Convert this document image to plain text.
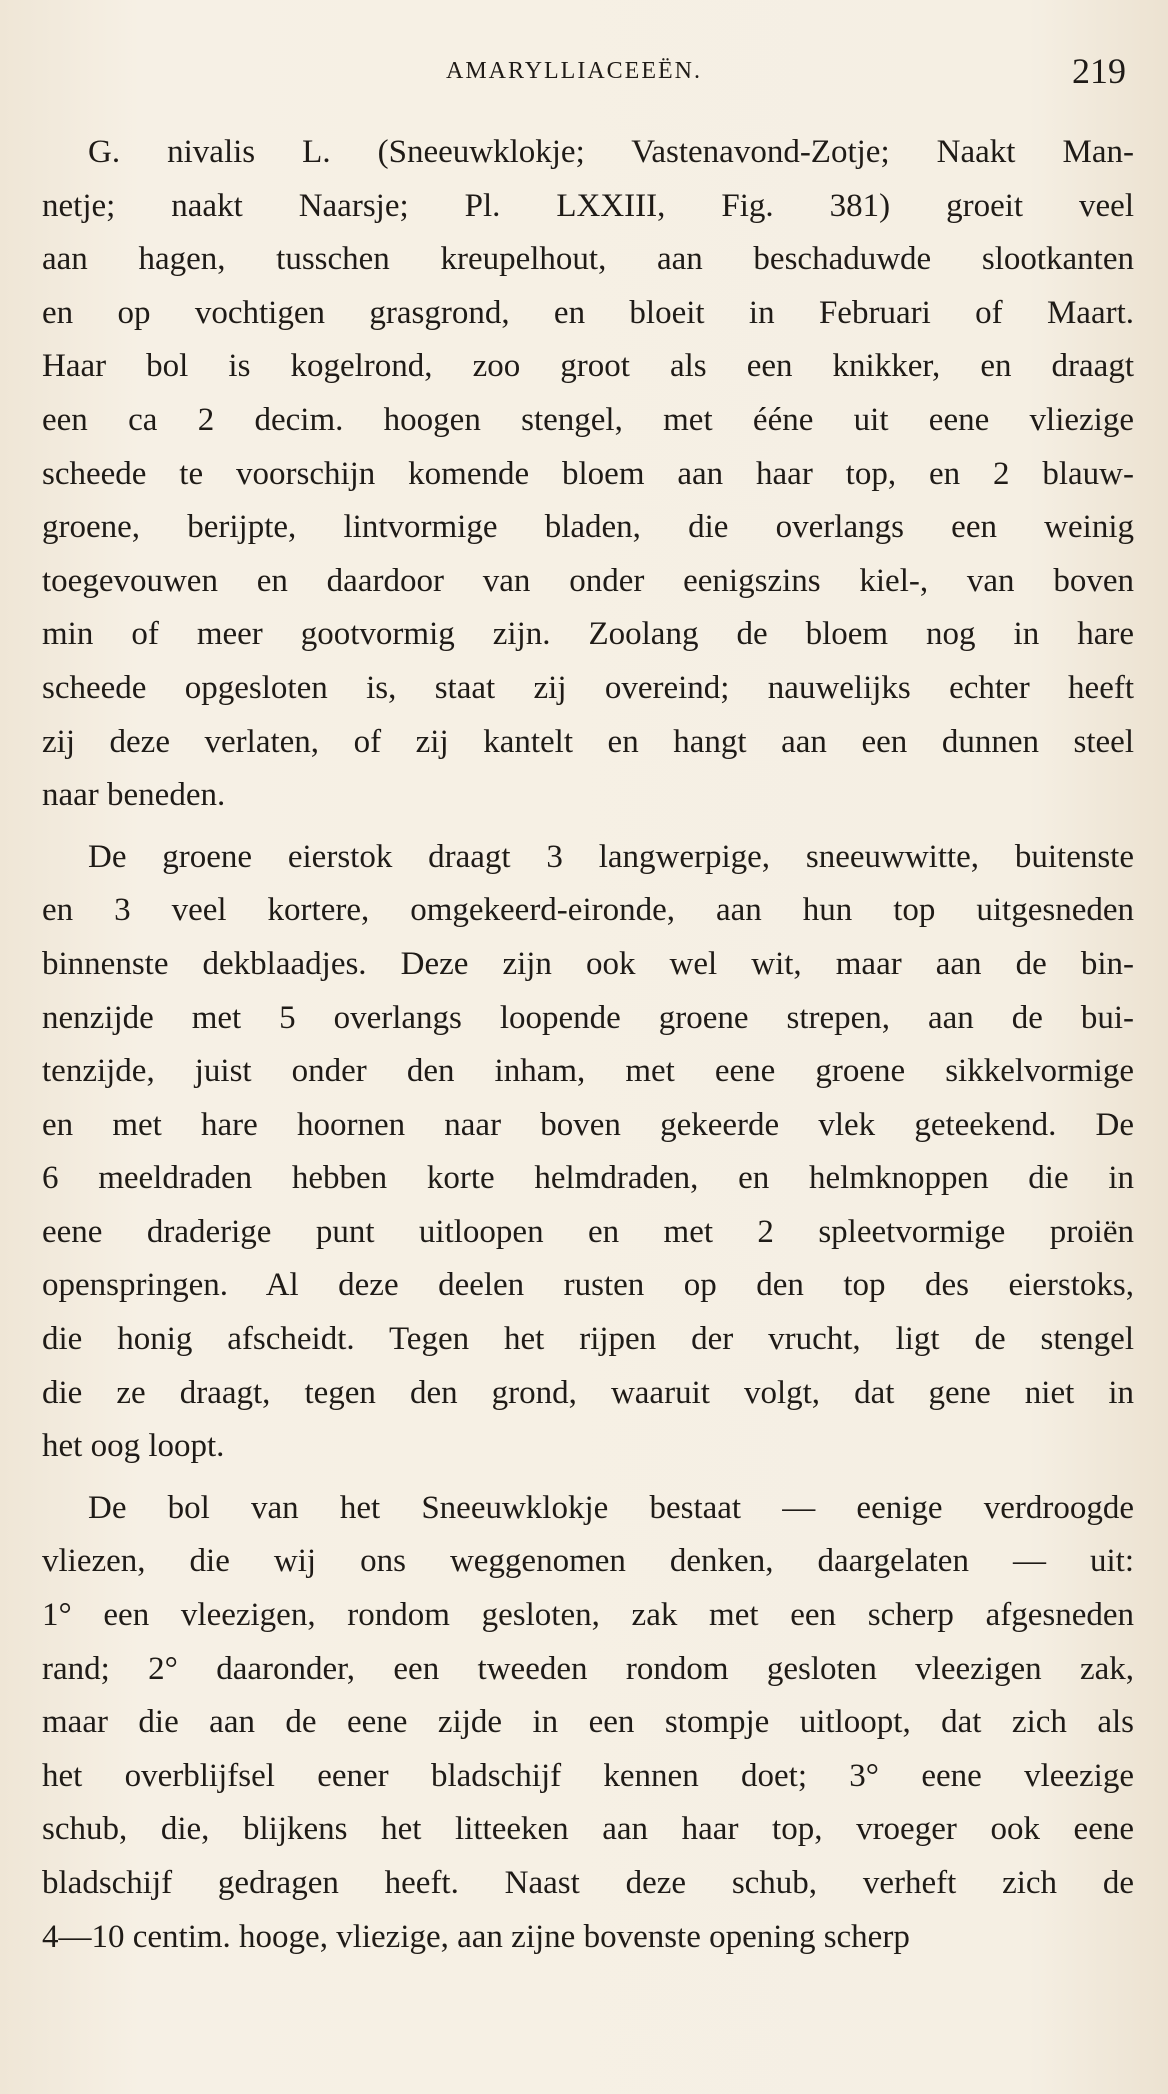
AMARYLLIACEEËN.	219
G. nivalis L. (Sneeuwklokje; Vastenavond-Zotje; Naakt Man-
netje; naakt Naarsje; Pl. LXXIII, Fig. 381) groeit veel
aan hagen, tusschen kreupelhout, aan beschaduwde slootkanten
en op vochtigen grasgrond, en bloeit in Februari of Maart.
Haar bol is kogelrond, zoo groot als een knikker, en draagt
een ca 2 decim. hoogen stengel, met ééne uit eene vliezige
scheede te voorschijn komende bloem aan haar top, en 2 blauw-
groene, berijpte, lintvormige bladen, die overlangs een weinig
toegevouwen en daardoor van onder eenigszins kiel-, van boven
min of meer gootvormig zijn. Zoolang de bloem nog in hare
scheede opgesloten is, staat zij overeind; nauwelijks echter heeft
zij deze verlaten, of zij kantelt en hangt aan een dunnen steel
naar beneden.
De groene eierstok draagt 3 langwerpige, sneeuwwitte, buitenste
en 3 veel kortere, omgekeerd-eironde, aan hun top uitgesneden
binnenste dekblaadjes. Deze zijn ook wel wit, maar aan de bin-
nenzijde met 5 overlangs loopende groene strepen, aan de bui-
tenzijde, juist onder den inham, met eene groene sikkelvormige
en met hare hoornen naar boven gekeerde vlek geteekend. De
6 meeldraden hebben korte helmdraden, en helmknoppen die in
eene draderige punt uitloopen en met 2 spleetvormige proiën
openspringen. Al deze deelen rusten op den top des eierstoks,
die honig afscheidt. Tegen het rijpen der vrucht, ligt de stengel
die ze draagt, tegen den grond, waaruit volgt, dat gene niet in
het oog loopt.
De bol van het Sneeuwklokje bestaat — eenige verdroogde
vliezen, die wij ons weggenomen denken, daargelaten — uit:
1° een vleezigen, rondom gesloten, zak met een scherp afgesneden
rand; 2° daaronder, een tweeden rondom gesloten vleezigen zak,
maar die aan de eene zijde in een stompje uitloopt, dat zich als
het overblijfsel eener bladschijf kennen doet; 3° eene vleezige
schub, die, blijkens het litteeken aan haar top, vroeger ook eene
bladschijf gedragen heeft. Naast deze schub, verheft zich de
4—10 centim. hooge, vliezige, aan zijne bovenste opening scherp
